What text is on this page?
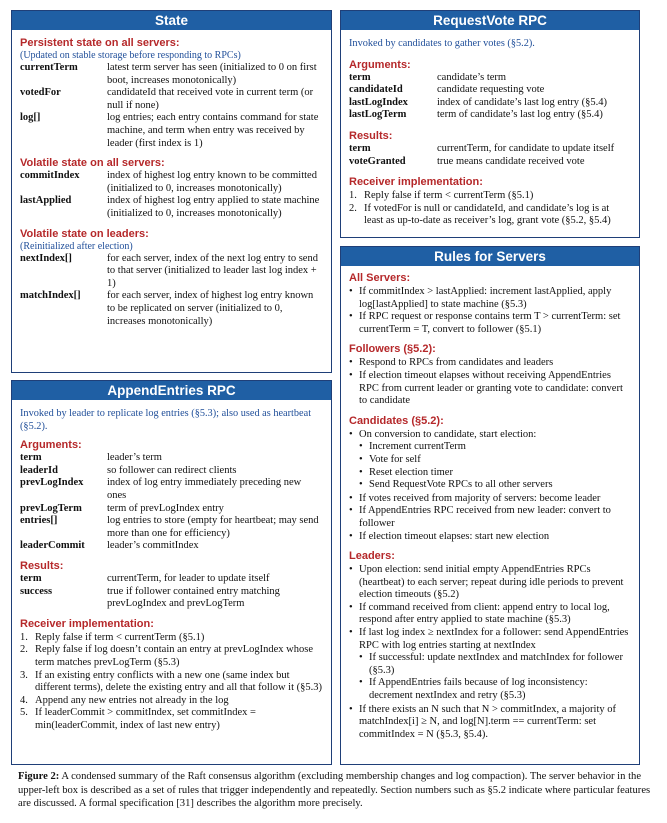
State
Persistent state on all servers:
(Updated on stable storage before responding to RPCs)
currentTerm	latest term server has seen (initialized to 0 on first boot, increases monotonically)
votedFor	candidateId that received vote in current term (or null if none)
log[]	log entries; each entry contains command for state machine, and term when entry was received by leader (first index is 1)
Volatile state on all servers:
commitIndex	index of highest log entry known to be committed (initialized to 0, increases monotonically)
lastApplied	index of highest log entry applied to state machine (initialized to 0, increases monotonically)
Volatile state on leaders:
(Reinitialized after election)
nextIndex[]	for each server, index of the next log entry to send to that server (initialized to leader last log index + 1)
matchIndex[]	for each server, index of highest log entry known to be replicated on server (initialized to 0, increases monotonically)
AppendEntries RPC
Invoked by leader to replicate log entries (§5.3); also used as heartbeat (§5.2).
Arguments:
term	leader’s term
leaderId	so follower can redirect clients
prevLogIndex	index of log entry immediately preceding new ones
prevLogTerm	term of prevLogIndex entry
entries[]	log entries to store (empty for heartbeat; may send more than one for efficiency)
leaderCommit	leader’s commitIndex
Results:
term	currentTerm, for leader to update itself
success	true if follower contained entry matching prevLogIndex and prevLogTerm
Receiver implementation:
1. Reply false if term < currentTerm (§5.1)
2. Reply false if log doesn’t contain an entry at prevLogIndex whose term matches prevLogTerm (§5.3)
3. If an existing entry conflicts with a new one (same index but different terms), delete the existing entry and all that follow it (§5.3)
4. Append any new entries not already in the log
5. If leaderCommit > commitIndex, set commitIndex = min(leaderCommit, index of last new entry)
RequestVote RPC
Invoked by candidates to gather votes (§5.2).
Arguments:
term	candidate’s term
candidateId	candidate requesting vote
lastLogIndex	index of candidate’s last log entry (§5.4)
lastLogTerm	term of candidate’s last log entry (§5.4)
Results:
term	currentTerm, for candidate to update itself
voteGranted	true means candidate received vote
Receiver implementation:
1. Reply false if term < currentTerm (§5.1)
2. If votedFor is null or candidateId, and candidate’s log is at least as up-to-date as receiver’s log, grant vote (§5.2, §5.4)
Rules for Servers
All Servers:
• If commitIndex > lastApplied: increment lastApplied, apply log[lastApplied] to state machine (§5.3)
• If RPC request or response contains term T > currentTerm: set currentTerm = T, convert to follower (§5.1)
Followers (§5.2):
• Respond to RPCs from candidates and leaders
• If election timeout elapses without receiving AppendEntries RPC from current leader or granting vote to candidate: convert to candidate
Candidates (§5.2):
• On conversion to candidate, start election:
• Increment currentTerm
• Vote for self
• Reset election timer
• Send RequestVote RPCs to all other servers
• If votes received from majority of servers: become leader
• If AppendEntries RPC received from new leader: convert to follower
• If election timeout elapses: start new election
Leaders:
• Upon election: send initial empty AppendEntries RPCs (heartbeat) to each server; repeat during idle periods to prevent election timeouts (§5.2)
• If command received from client: append entry to local log, respond after entry applied to state machine (§5.3)
• If last log index ≥ nextIndex for a follower: send AppendEntries RPC with log entries starting at nextIndex
• If successful: update nextIndex and matchIndex for follower (§5.3)
• If AppendEntries fails because of log inconsistency: decrement nextIndex and retry (§5.3)
• If there exists an N such that N > commitIndex, a majority of matchIndex[i] ≥ N, and log[N].term == currentTerm: set commitIndex = N (§5.3, §5.4).
Figure 2: A condensed summary of the Raft consensus algorithm (excluding membership changes and log compaction). The server behavior in the upper-left box is described as a set of rules that trigger independently and repeatedly. Section numbers such as §5.2 indicate where particular features are discussed. A formal specification [31] describes the algorithm more precisely.
